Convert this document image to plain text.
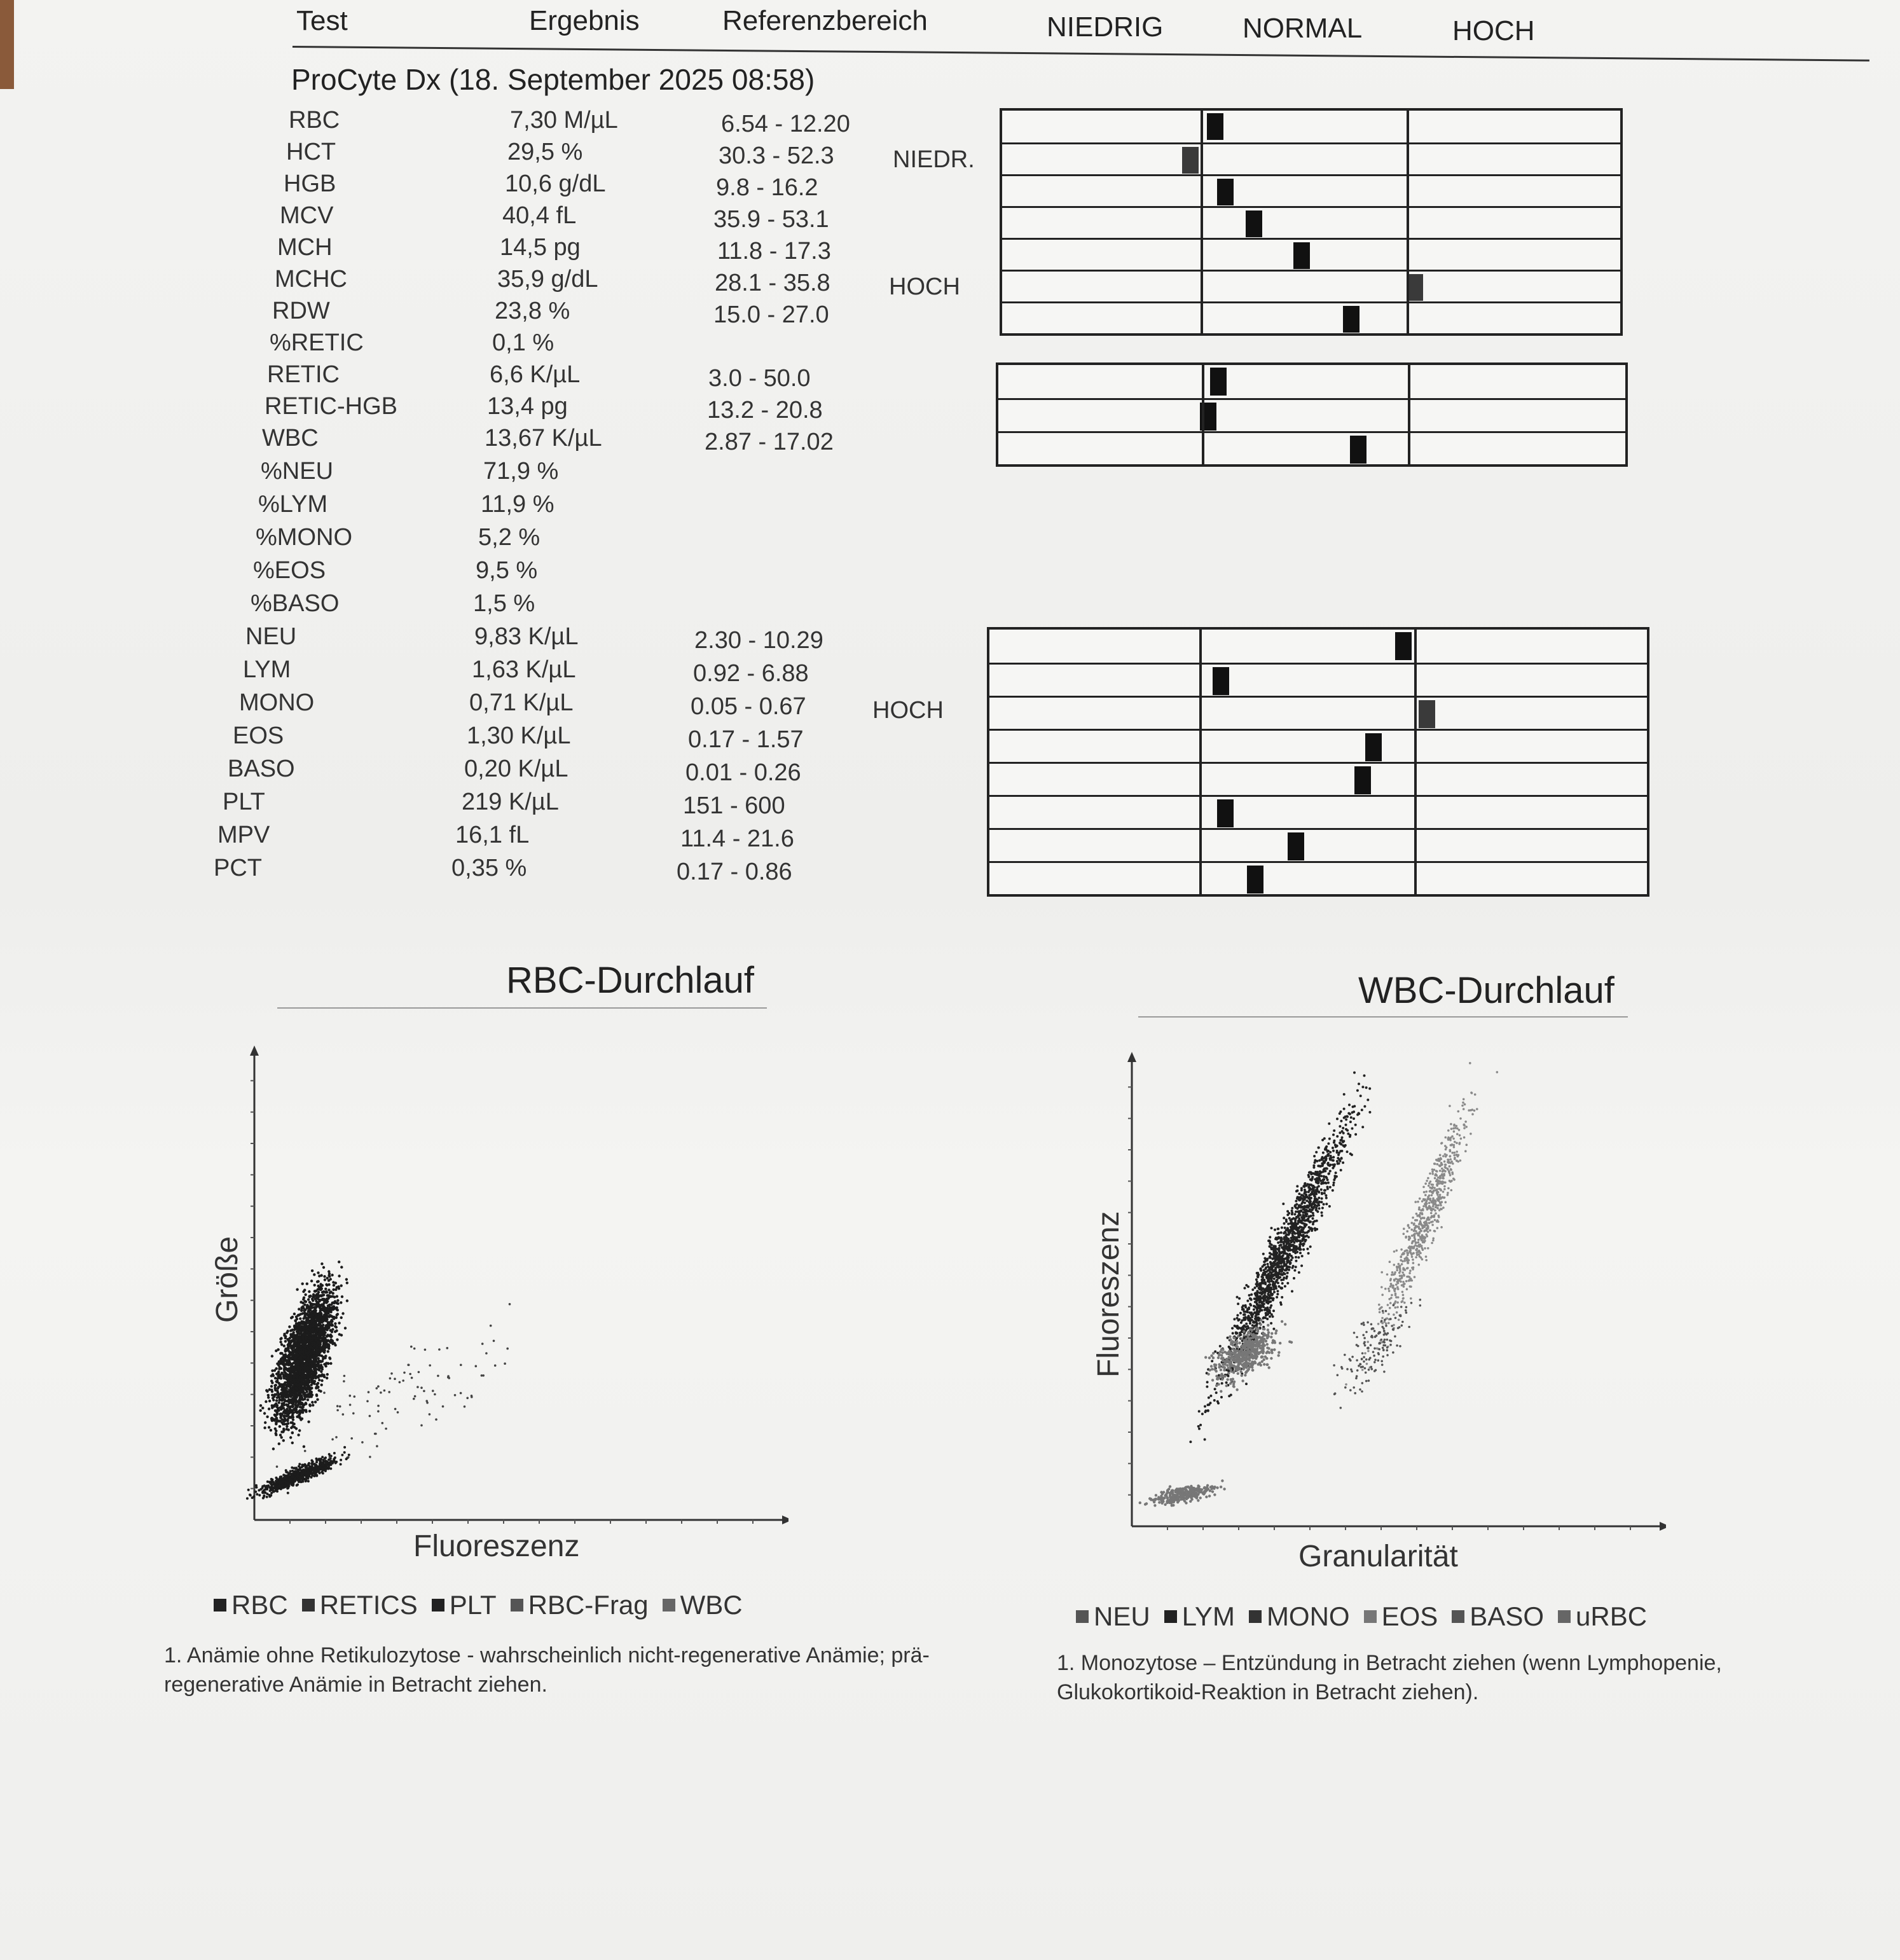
Test	Ergebnis	Referenzbereich	NIEDRIG	NORMAL	HOCH
ProCyte Dx (18. September 2025 08:58)
RBC	7,30 M/µL	6.54 - 12.20
HCT	29,5 %	30.3 - 52.3 NIEDR.
HGB	10,6 g/dL	9.8 - 16.2
MCV	40,4 fL	35.9 - 53.1
MCH	14,5 pg	11.8 - 17.3
MCHC	35,9 g/dL	28.1 - 35.8 HOCH
RDW	23,8 %	15.0 - 27.0
%RETIC	0,1 %
RETIC	6,6 K/µL	3.0 - 50.0
RETIC-HGB	13,4 pg	13.2 - 20.8
WBC	13,67 K/µL	2.87 - 17.02
%NEU	71,9 %
%LYM	11,9 %
%MONO	5,2 %
%EOS	9,5 %
%BASO	1,5 %
NEU	9,83 K/µL	2.30 - 10.29
LYM	1,63 K/µL	0.92 - 6.88
MONO	0,71 K/µL	0.05 - 0.67	HOCH
EOS	1,30 K/µL	0.17 - 1.57
BASO	0,20 K/µL	0.01 - 0.26
PLT	219 K/µL	151 - 600
MPV	16,1 fL	11.4 - 21.6
PCT	0,35 %	0.17 - 0.86
RBC-Durchlauf
Fluoreszenz
Größe
RBC RETICS PLT RBC-Frag WBC
1. Anämie ohne Retikulozytose - wahrscheinlich nicht-regenerative Anämie; prä-regenerative Anämie in Betracht ziehen.
WBC-Durchlauf
Granularität
Fluoreszenz
NEU LYM MONO EOS BASO uRBC
1. Monozytose – Entzündung in Betracht ziehen (wenn Lymphopenie, Glukokortikoid-Reaktion in Betracht ziehen).
